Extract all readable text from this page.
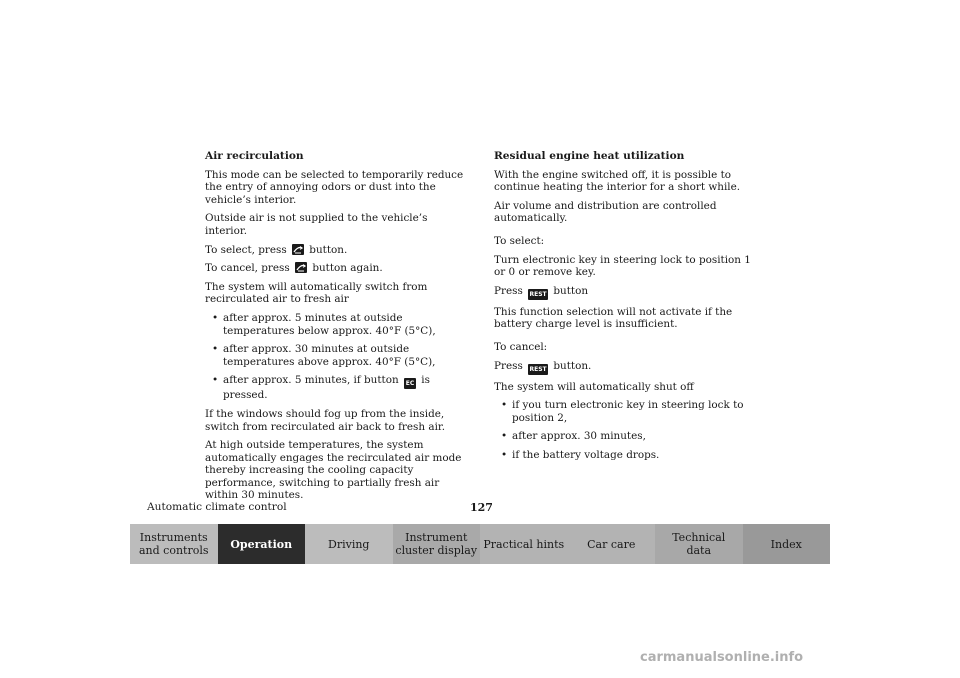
Air recirculation

This mode can be selected to temporarily reduce the entry of annoying odors or dust into the vehicle’s interior.

Outside air is not supplied to the vehicle’s interior.

To select, press button.

To cancel, press button again.

The system will automatically switch from recirculated air to fresh air

• after approx. 5 minutes at outside temperatures below approx. 40°F (5°C),
• after approx. 30 minutes at outside temperatures above approx. 40°F (5°C),
• after approx. 5 minutes, if button EC is pressed.

If the windows should fog up from the inside, switch from recirculated air back to fresh air.

At high outside temperatures, the system automatically engages the recirculated air mode thereby increasing the cooling capacity performance, switching to partially fresh air within 30 minutes.

Residual engine heat utilization

With the engine switched off, it is possible to continue heating the interior for a short while.

Air volume and distribution are controlled automatically.

To select:

Turn electronic key in steering lock to position 1 or 0 or remove key.

Press REST button

This function selection will not activate if the battery charge level is insufficient.

To cancel:

Press REST button.

The system will automatically shut off

• if you turn electronic key in steering lock to position 2,
• after approx. 30 minutes,
• if the battery voltage drops.
Automatic climate control	127
Instruments
and controls Operation	Driving	Instrument
cluster display Practical hints Car care	Technical
data	Index
carmanualsonline.info
